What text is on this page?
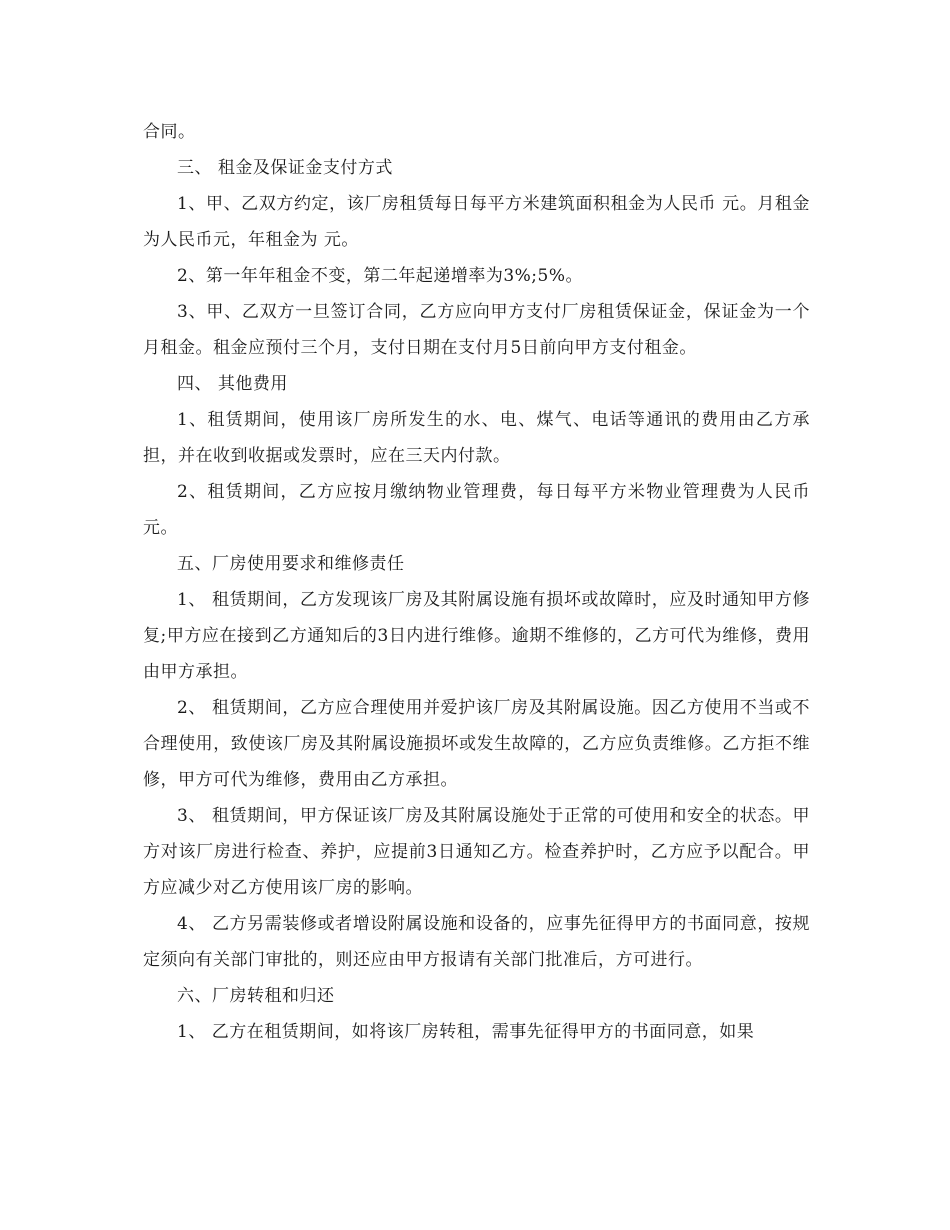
合同。

三、 租金及保证金支付方式

1、甲、乙双方约定，该厂房租赁每日每平方米建筑面积租金为人民币 元。月租金为人民币元，年租金为 元。

2、第一年年租金不变，第二年起递增率为3%;5%。

3、甲、乙双方一旦签订合同，乙方应向甲方支付厂房租赁保证金，保证金为一个月租金。租金应预付三个月，支付日期在支付月5日前向甲方支付租金。

四、 其他费用

1、租赁期间，使用该厂房所发生的水、电、煤气、电话等通讯的费用由乙方承担，并在收到收据或发票时，应在三天内付款。

2、租赁期间，乙方应按月缴纳物业管理费，每日每平方米物业管理费为人民币元。

五、厂房使用要求和维修责任

1、 租赁期间，乙方发现该厂房及其附属设施有损坏或故障时，应及时通知甲方修复;甲方应在接到乙方通知后的3日内进行维修。逾期不维修的，乙方可代为维修，费用由甲方承担。

2、 租赁期间，乙方应合理使用并爱护该厂房及其附属设施。因乙方使用不当或不合理使用，致使该厂房及其附属设施损坏或发生故障的，乙方应负责维修。乙方拒不维修，甲方可代为维修，费用由乙方承担。

3、 租赁期间，甲方保证该厂房及其附属设施处于正常的可使用和安全的状态。甲方对该厂房进行检查、养护，应提前3日通知乙方。检查养护时，乙方应予以配合。甲方应减少对乙方使用该厂房的影响。

4、 乙方另需装修或者增设附属设施和设备的，应事先征得甲方的书面同意，按规定须向有关部门审批的，则还应由甲方报请有关部门批准后，方可进行。

六、厂房转租和归还

1、 乙方在租赁期间，如将该厂房转租，需事先征得甲方的书面同意，如果
